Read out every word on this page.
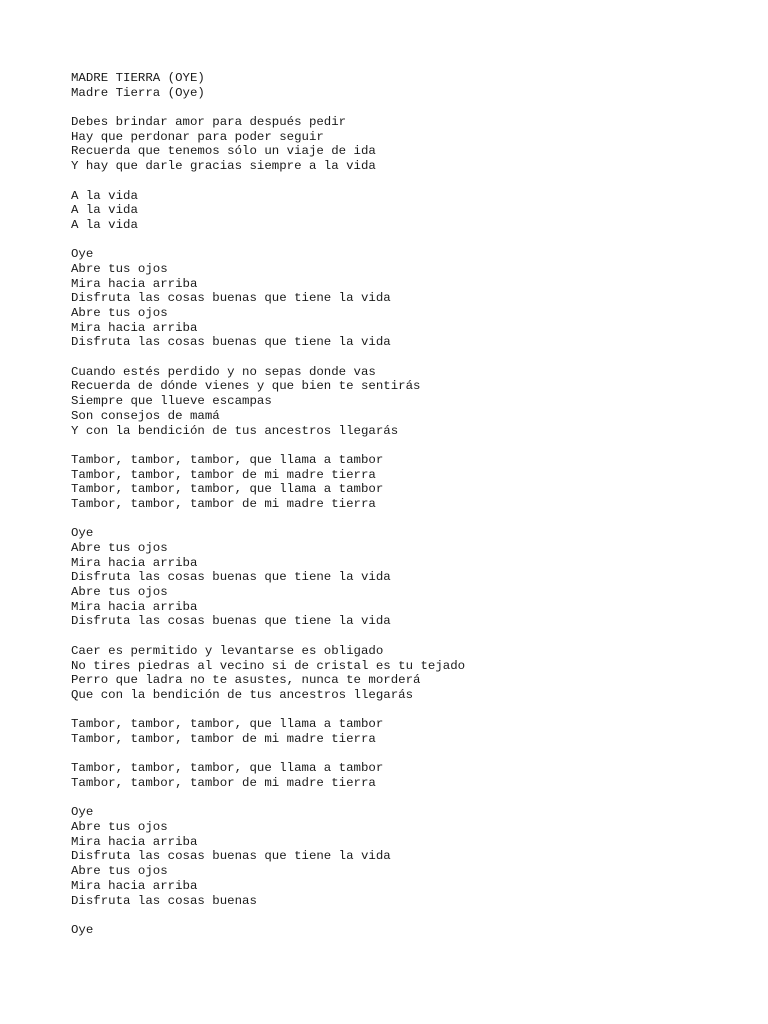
MADRE TIERRA (OYE)
Madre Tierra (Oye)
Debes brindar amor para después pedir
Hay que perdonar para poder seguir
Recuerda que tenemos sólo un viaje de ida
Y hay que darle gracias siempre a la vida
A la vida
A la vida
A la vida
Oye
Abre tus ojos
Mira hacia arriba
Disfruta las cosas buenas que tiene la vida
Abre tus ojos
Mira hacia arriba
Disfruta las cosas buenas que tiene la vida
Cuando estés perdido y no sepas donde vas
Recuerda de dónde vienes y que bien te sentirás
Siempre que llueve escampas
Son consejos de mamá
Y con la bendición de tus ancestros llegarás
Tambor, tambor, tambor, que llama a tambor
Tambor, tambor, tambor de mi madre tierra
Tambor, tambor, tambor, que llama a tambor
Tambor, tambor, tambor de mi madre tierra
Oye
Abre tus ojos
Mira hacia arriba
Disfruta las cosas buenas que tiene la vida
Abre tus ojos
Mira hacia arriba
Disfruta las cosas buenas que tiene la vida
Caer es permitido y levantarse es obligado
No tires piedras al vecino si de cristal es tu tejado
Perro que ladra no te asustes, nunca te morderá
Que con la bendición de tus ancestros llegarás
Tambor, tambor, tambor, que llama a tambor
Tambor, tambor, tambor de mi madre tierra
Tambor, tambor, tambor, que llama a tambor
Tambor, tambor, tambor de mi madre tierra
Oye
Abre tus ojos
Mira hacia arriba
Disfruta las cosas buenas que tiene la vida
Abre tus ojos
Mira hacia arriba
Disfruta las cosas buenas
Oye
